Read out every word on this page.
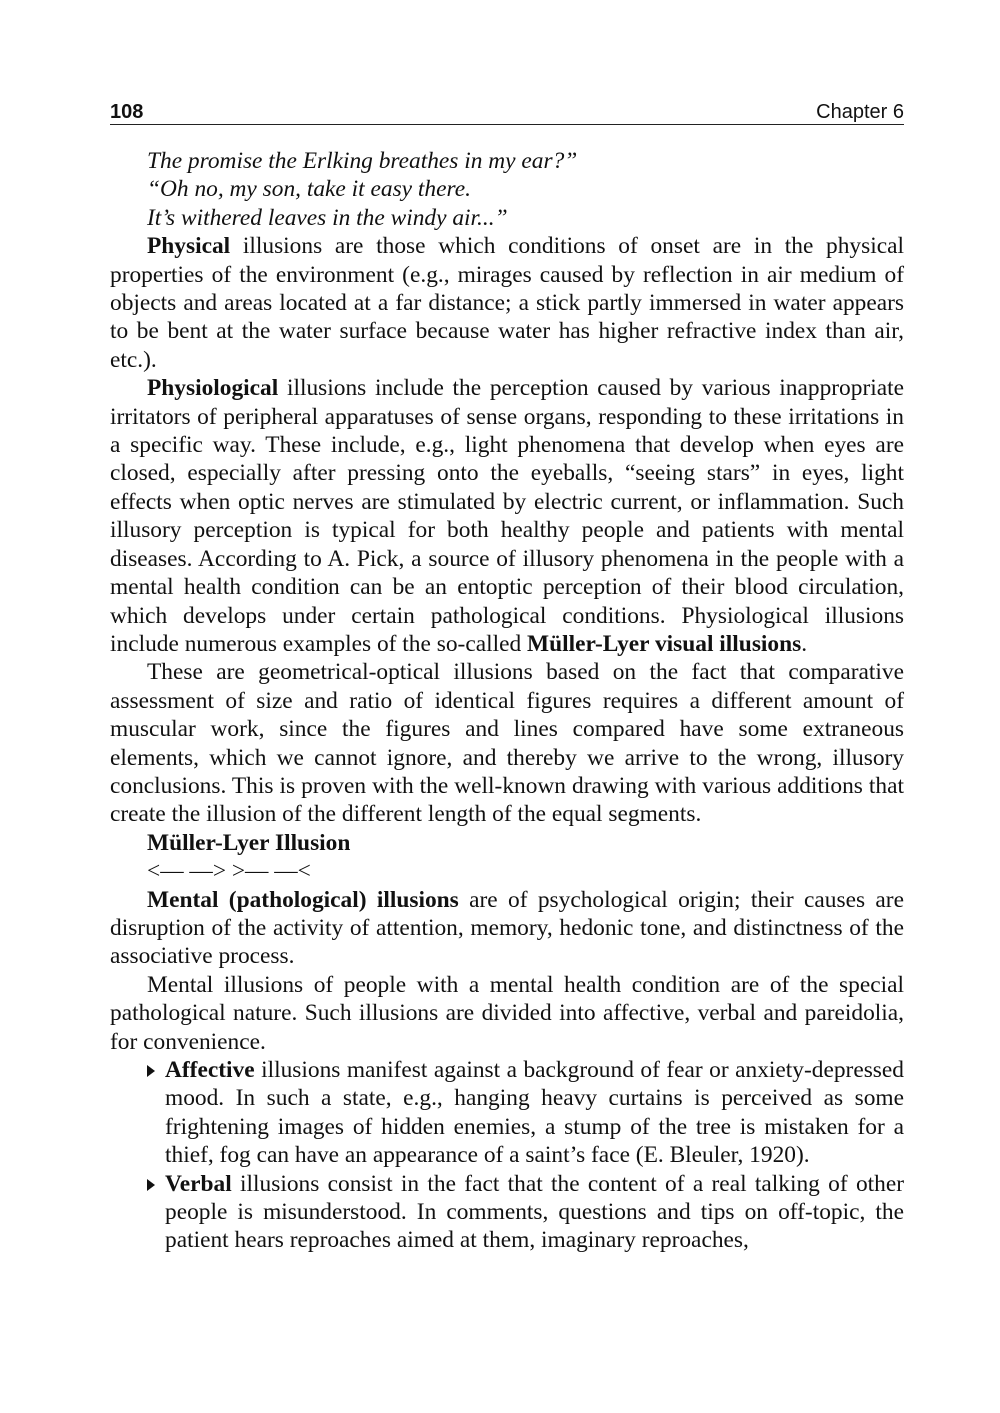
108	Chapter 6

The promise the Erlking breathes in my ear?”

“Oh no, my son, take it easy there.

It’s withered leaves in the windy air...”

Physical illusions are those which conditions of onset are in the physical properties of the environment (e.g., mirages caused by reflection in air medium of objects and areas located at a far distance; a stick partly immersed in water appears to be bent at the water surface because water has higher refractive index than air, etc.).

Physiological illusions include the perception caused by various inappropriate irritators of peripheral apparatuses of sense organs, responding to these irritations in a specific way. These include, e.g., light phenomena that develop when eyes are closed, especially after pressing onto the eyeballs, “seeing stars” in eyes, light effects when optic nerves are stimulated by electric current, or inflammation. Such illusory perception is typical for both healthy people and patients with mental diseases. According to A. Pick, a source of illusory phenomena in the people with a mental health condition can be an entoptic perception of their blood circulation, which develops under certain pathological conditions. Physiological illusions include numerous examples of the so-called Müller-Lyer visual illusions.

These are geometrical-optical illusions based on the fact that comparative assessment of size and ratio of identical figures requires a different amount of muscular work, since the figures and lines compared have some extraneous elements, which we cannot ignore, and thereby we arrive to the wrong, illusory conclusions. This is proven with the well-known drawing with various additions that create the illusion of the different length of the equal segments.

Müller-Lyer Illusion

<— —> >— —<

Mental (pathological) illusions are of psychological origin; their causes are disruption of the activity of attention, memory, hedonic tone, and distinctness of the associative process.

Mental illusions of people with a mental health condition are of the special pathological nature. Such illusions are divided into affective, verbal and pareidolia, for convenience.

Affective illusions manifest against a background of fear or anxiety-depressed mood. In such a state, e.g., hanging heavy curtains is perceived as some frightening images of hidden enemies, a stump of the tree is mistaken for a thief, fog can have an appearance of a saint’s face (E. Bleuler, 1920).
Verbal illusions consist in the fact that the content of a real talking of other people is misunderstood. In comments, questions and tips on off-topic, the patient hears reproaches aimed at them, imaginary reproaches,
